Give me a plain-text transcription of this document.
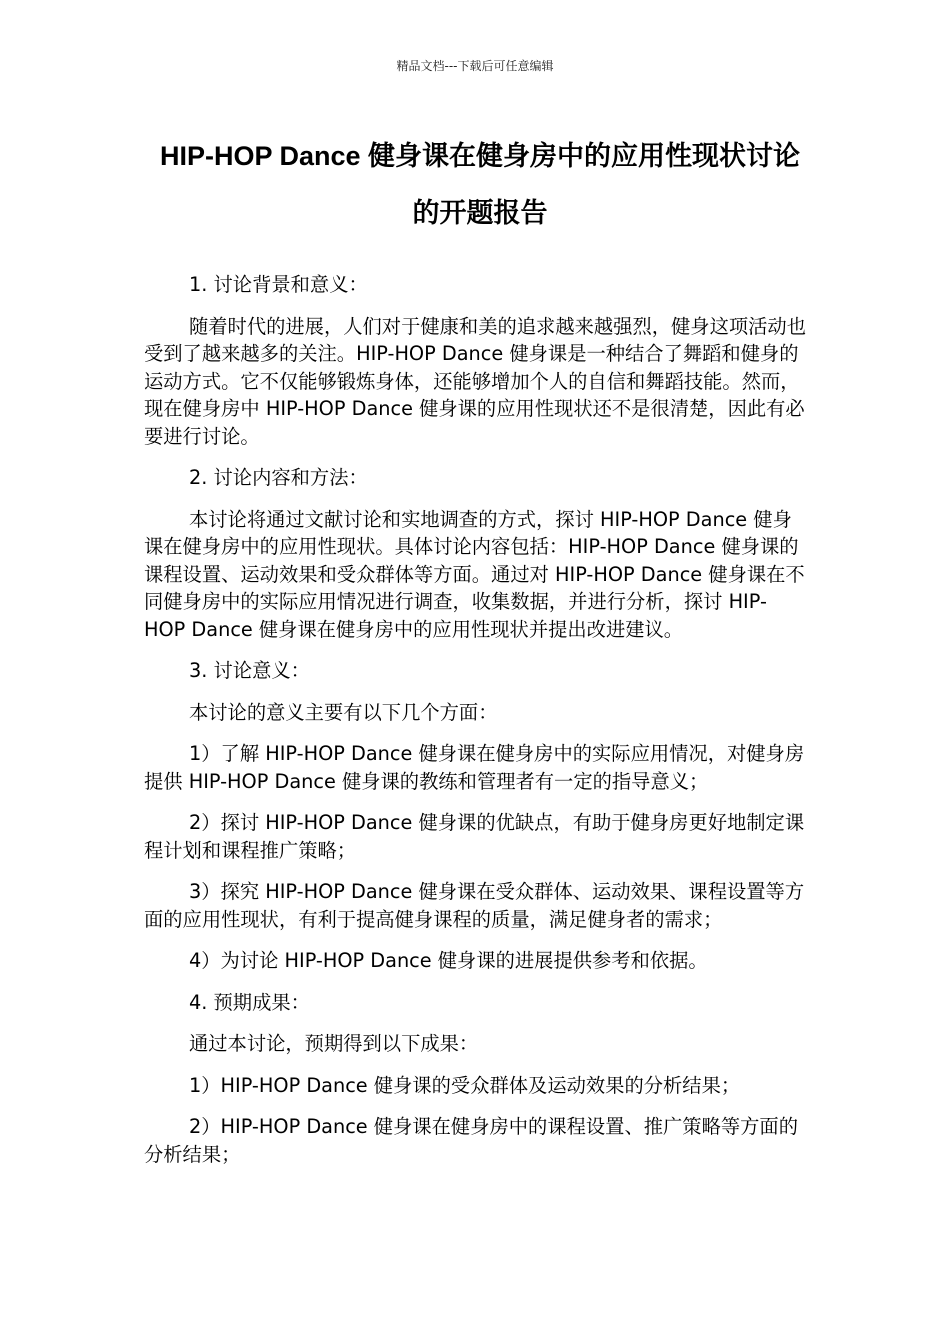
精品文档---下载后可任意编辑
HIP-HOP Dance 健身课在健身房中的应用性现状讨论的开题报告

1. 讨论背景和意义：

随着时代的进展，人们对于健康和美的追求越来越强烈，健身这项活动也受到了越来越多的关注。HIP-HOP Dance 健身课是一种结合了舞蹈和健身的运动方式。它不仅能够锻炼身体，还能够增加个人的自信和舞蹈技能。然而，现在健身房中 HIP-HOP Dance 健身课的应用性现状还不是很清楚，因此有必要进行讨论。

2. 讨论内容和方法：

本讨论将通过文献讨论和实地调查的方式，探讨 HIP-HOP Dance 健身课在健身房中的应用性现状。具体讨论内容包括：HIP-HOP Dance 健身课的课程设置、运动效果和受众群体等方面。通过对 HIP-HOP Dance 健身课在不同健身房中的实际应用情况进行调查，收集数据，并进行分析，探讨 HIP-HOP Dance 健身课在健身房中的应用性现状并提出改进建议。

3. 讨论意义：

本讨论的意义主要有以下几个方面：

1）了解 HIP-HOP Dance 健身课在健身房中的实际应用情况，对健身房提供 HIP-HOP Dance 健身课的教练和管理者有一定的指导意义；

2）探讨 HIP-HOP Dance 健身课的优缺点，有助于健身房更好地制定课程计划和课程推广策略；

3）探究 HIP-HOP Dance 健身课在受众群体、运动效果、课程设置等方面的应用性现状，有利于提高健身课程的质量，满足健身者的需求；

4）为讨论 HIP-HOP Dance 健身课的进展提供参考和依据。

4. 预期成果：

通过本讨论，预期得到以下成果：

1）HIP-HOP Dance 健身课的受众群体及运动效果的分析结果；

2）HIP-HOP Dance 健身课在健身房中的课程设置、推广策略等方面的分析结果；
